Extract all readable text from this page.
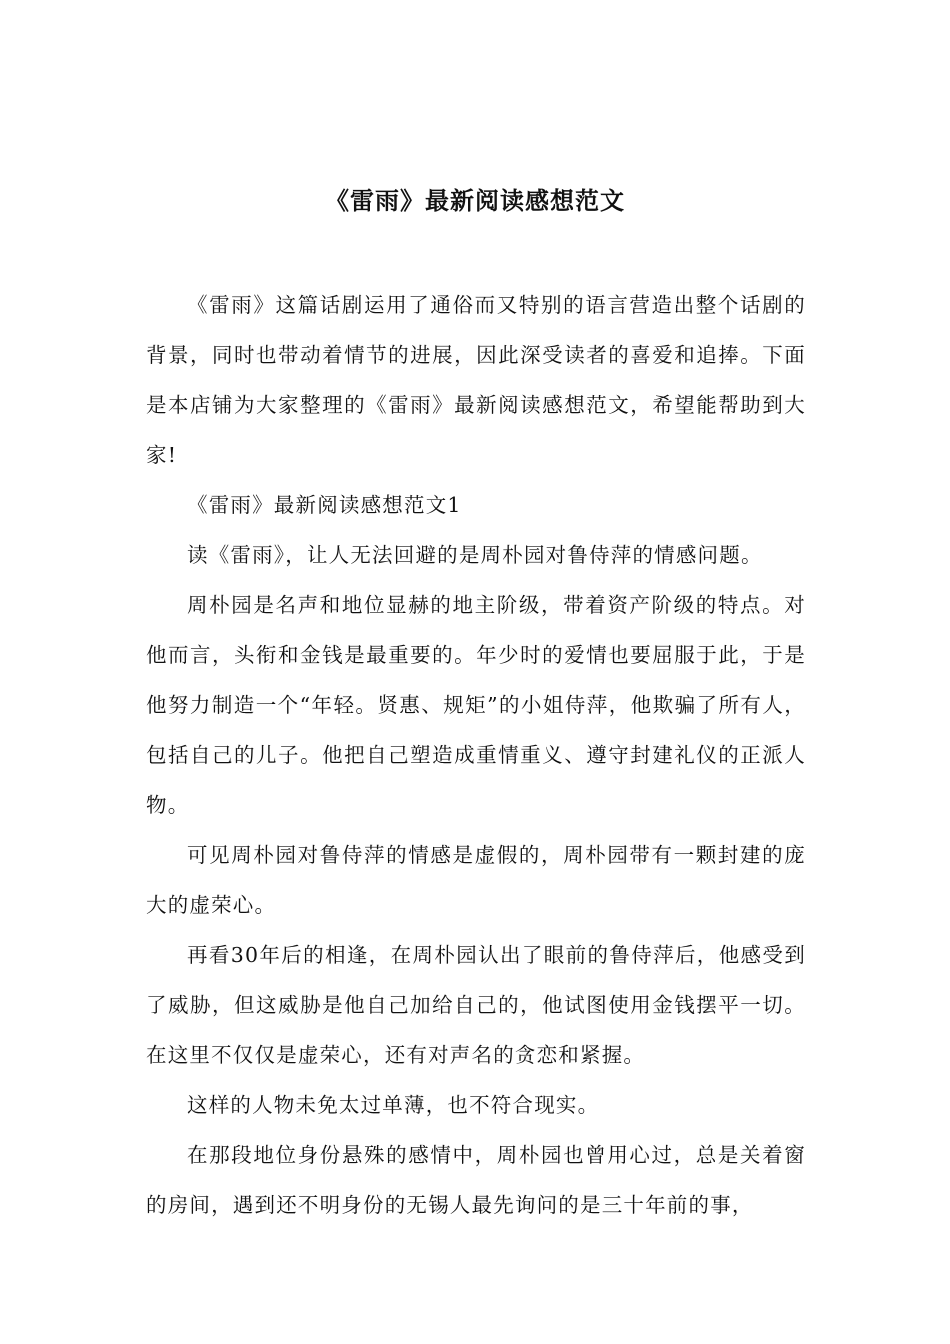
《雷雨》最新阅读感想范文

《雷雨》这篇话剧运用了通俗而又特别的语言营造出整个话剧的背景，同时也带动着情节的进展，因此深受读者的喜爱和追捧。下面是本店铺为大家整理的《雷雨》最新阅读感想范文，希望能帮助到大家!

《雷雨》最新阅读感想范文1

读《雷雨》，让人无法回避的是周朴园对鲁侍萍的情感问题。

周朴园是名声和地位显赫的地主阶级，带着资产阶级的特点。对他而言，头衔和金钱是最重要的。年少时的爱情也要屈服于此，于是他努力制造一个“年轻。贤惠、规矩”的小姐侍萍，他欺骗了所有人，包括自己的儿子。他把自己塑造成重情重义、遵守封建礼仪的正派人物。

可见周朴园对鲁侍萍的情感是虚假的，周朴园带有一颗封建的庞大的虚荣心。

再看30年后的相逢，在周朴园认出了眼前的鲁侍萍后，他感受到了威胁，但这威胁是他自己加给自己的，他试图使用金钱摆平一切。在这里不仅仅是虚荣心，还有对声名的贪恋和紧握。

这样的人物未免太过单薄，也不符合现实。

在那段地位身份悬殊的感情中，周朴园也曾用心过，总是关着窗的房间，遇到还不明身份的无锡人最先询问的是三十年前的事，
